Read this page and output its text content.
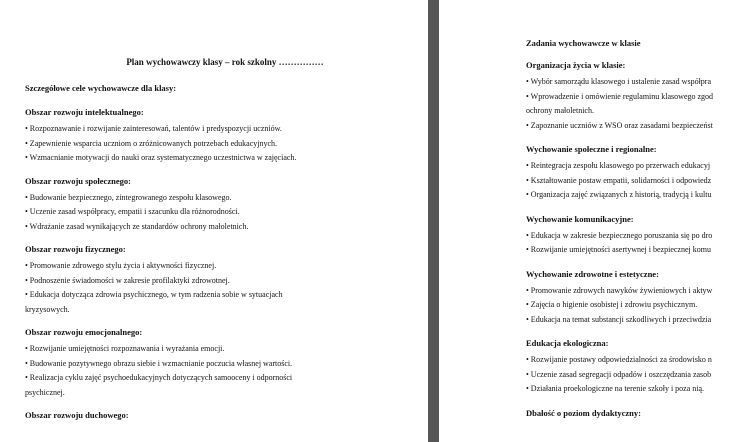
Plan wychowawczy klasy – rok szkolny ……………
Szczegółowe cele wychowawcze dla klasy:
Obszar rozwoju intelektualnego:
• Rozpoznawanie i rozwijanie zainteresowań, talentów i predyspozycji uczniów.
• Zapewnienie wsparcia uczniom o zróżnicowanych potrzebach edukacyjnych.
• Wzmacnianie motywacji do nauki oraz systematycznego uczestnictwa w zajęciach.
Obszar rozwoju społecznego:
• Budowanie bezpiecznego, zintegrowanego zespołu klasowego.
• Uczenie zasad współpracy, empatii i szacunku dla różnorodności.
• Wdrażanie zasad wynikających ze standardów ochrony małoletnich.
Obszar rozwoju fizycznego:
• Promowanie zdrowego stylu życia i aktywności fizycznej.
• Podnoszenie świadomości w zakresie profilaktyki zdrowotnej.
• Edukacja dotycząca zdrowia psychicznego, w tym radzenia sobie w sytuacjach
kryzysowych.
Obszar rozwoju emocjonalnego:
• Rozwijanie umiejętności rozpoznawania i wyrażania emocji.
• Budowanie pozytywnego obrazu siebie i wzmacnianie poczucia własnej wartości.
• Realizacja cyklu zajęć psychoedukacyjnych dotyczących samooceny i odporności
psychicznej.
Obszar rozwoju duchowego:
Zadania wychowawcze w klasie
Organizacja życia w klasie:
• Wybór samorządu klasowego i ustalenie zasad współpra
• Wprowadzenie i omówienie regulaminu klasowego zgod
ochrony małoletnich.
• Zapoznanie uczniów z WSO oraz zasadami bezpieczeńst
Wychowanie społeczne i regionalne:
• Reintegracja zespołu klasowego po przerwach edukacyj
• Kształtowanie postaw empatii, solidarności i odpowiedz
• Organizacja zajęć związanych z historią, tradycją i kultu
Wychowanie komunikacyjne:
• Edukacja w zakresie bezpiecznego poruszania się po dro
• Rozwijanie umiejętności asertywnej i bezpiecznej komu
Wychowanie zdrowotne i estetyczne:
• Promowanie zdrowych nawyków żywieniowych i aktyw
• Zajęcia o higienie osobistej i zdrowiu psychicznym.
• Edukacja na temat substancji szkodliwych i przeciwdzia
Edukacja ekologiczna:
• Rozwijanie postawy odpowiedzialności za środowisko n
• Uczenie zasad segregacji odpadów i oszczędzania zasob
• Działania proekologiczne na terenie szkoły i poza nią.
Dbałość o poziom dydaktyczny:
